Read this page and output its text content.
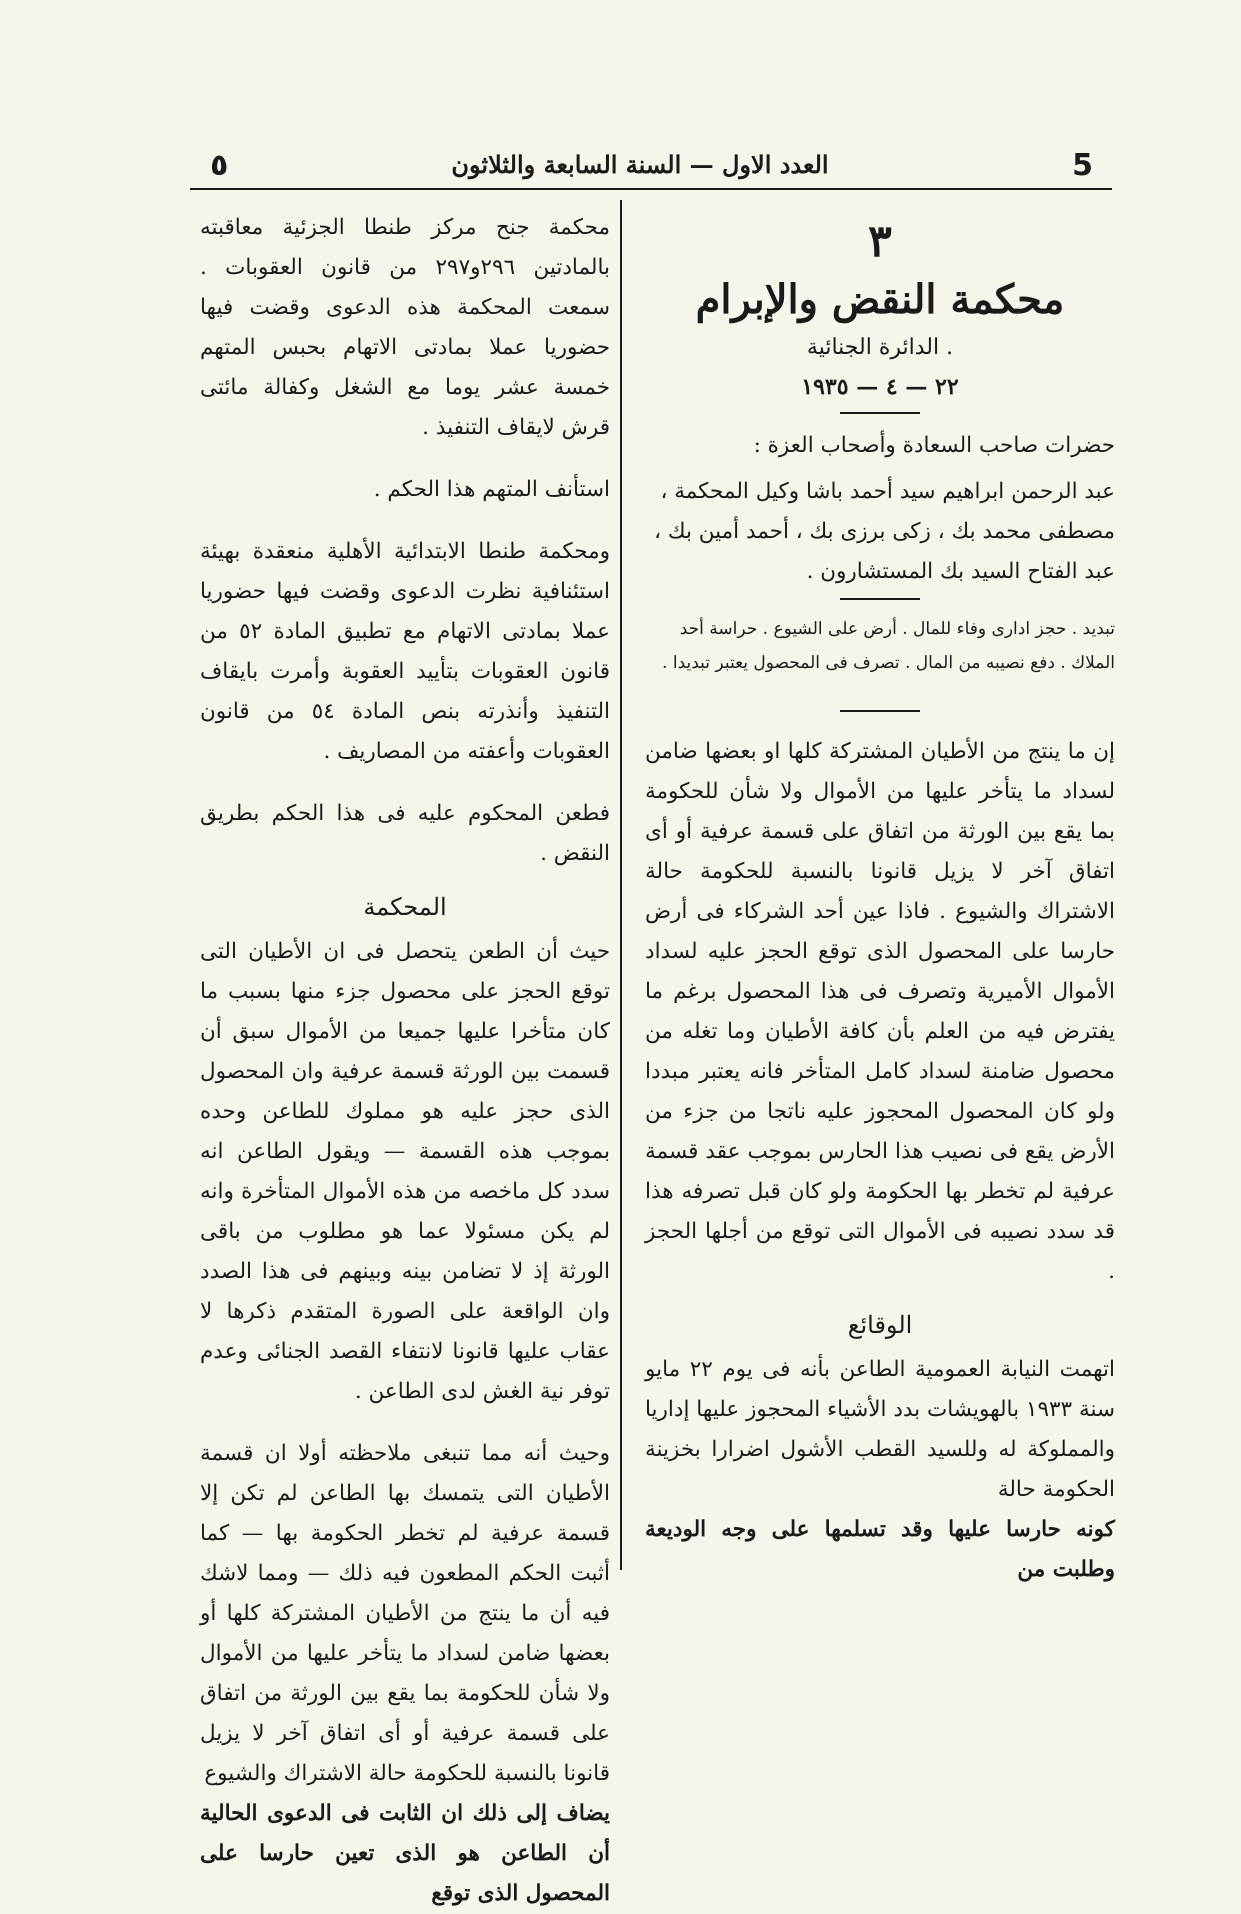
5
العدد الاول — السنة السابعة والثلاثون
٥
٣
محكمة النقض والإبرام
. الدائرة الجنائية
٢٢ — ٤ — ١٩٣٥

حضرات صاحب السعادة وأصحاب العزة :

عبد الرحمن ابراهيم سيد أحمد باشا وكيل المحكمة ،

مصطفى محمد بك ، زكى برزى بك ، أحمد أمين بك ،

عبد الفتاح السيد بك المستشارون .

تبديد . حجز ادارى وفاء للمال . أرض على الشيوع . حراسة أحد الملاك . دفع نصيبه من المال . تصرف فى المحصول يعتبر تبديدا .

إن ما ينتج من الأطيان المشتركة كلها او بعضها ضامن لسداد ما يتأخر عليها من الأموال ولا شأن للحكومة بما يقع بين الورثة من اتفاق على قسمة عرفية أو أى اتفاق آخر لا يزيل قانونا بالنسبة للحكومة حالة الاشتراك والشيوع . فاذا عين أحد الشركاء فى أرض حارسا على المحصول الذى توقع الحجز عليه لسداد الأموال الأميرية وتصرف فى هذا المحصول برغم ما يفترض فيه من العلم بأن كافة الأطيان وما تغله من محصول ضامنة لسداد كامل المتأخر فانه يعتبر مبددا ولو كان المحصول المحجوز عليه ناتجا من جزء من الأرض يقع فى نصيب هذا الحارس بموجب عقد قسمة عرفية لم تخطر بها الحكومة ولو كان قبل تصرفه هذا قد سدد نصيبه فى الأموال التى توقع من أجلها الحجز .

الوقائع

اتهمت النيابة العمومية الطاعن بأنه فى يوم ٢٢ مايو سنة ١٩٣٣ بالهويشات بدد الأشياء المحجوز عليها إداريا والمملوكة له وللسيد القطب الأشول اضرارا بخزينة الحكومة حالة

كونه حارسا عليها وقد تسلمها على وجه الوديعة وطلبت من

محكمة جنح مركز طنطا الجزئية معاقبته بالمادتين ٢٩٦و٢٩٧ من قانون العقوبات . سمعت المحكمة هذه الدعوى وقضت فيها حضوريا عملا بمادتى الاتهام بحبس المتهم خمسة عشر يوما مع الشغل وكفالة مائتى قرش لايقاف التنفيذ .

استأنف المتهم هذا الحكم .

ومحكمة طنطا الابتدائية الأهلية منعقدة بهيئة استئنافية نظرت الدعوى وقضت فيها حضوريا عملا بمادتى الاتهام مع تطبيق المادة ٥٢ من قانون العقوبات بتأييد العقوبة وأمرت بايقاف التنفيذ وأنذرته بنص المادة ٥٤ من قانون العقوبات وأعفته من المصاريف .

فطعن المحكوم عليه فى هذا الحكم بطريق النقض .

المحكمة

حيث أن الطعن يتحصل فى ان الأطيان التى توقع الحجز على محصول جزء منها بسبب ما كان متأخرا عليها جميعا من الأموال سبق أن قسمت بين الورثة قسمة عرفية وان المحصول الذى حجز عليه هو مملوك للطاعن وحده بموجب هذه القسمة — ويقول الطاعن انه سدد كل ماخصه من هذه الأموال المتأخرة وانه لم يكن مسئولا عما هو مطلوب من باقى الورثة إذ لا تضامن بينه وبينهم فى هذا الصدد وان الواقعة على الصورة المتقدم ذكرها لا عقاب عليها قانونا لانتفاء القصد الجنائى وعدم توفر نية الغش لدى الطاعن .

وحيث أنه مما تنبغى ملاحظته أولا ان قسمة الأطيان التى يتمسك بها الطاعن لم تكن إلا قسمة عرفية لم تخطر الحكومة بها — كما أثبت الحكم المطعون فيه ذلك — ومما لاشك فيه أن ما ينتج من الأطيان المشتركة كلها أو بعضها ضامن لسداد ما يتأخر عليها من الأموال ولا شأن للحكومة بما يقع بين الورثة من اتفاق على قسمة عرفية أو أى اتفاق آخر لا يزيل قانونا بالنسبة للحكومة حالة الاشتراك والشيوع

يضاف إلى ذلك ان الثابت فى الدعوى الحالية أن الطاعن هو الذى تعين حارسا على المحصول الذى توقع
